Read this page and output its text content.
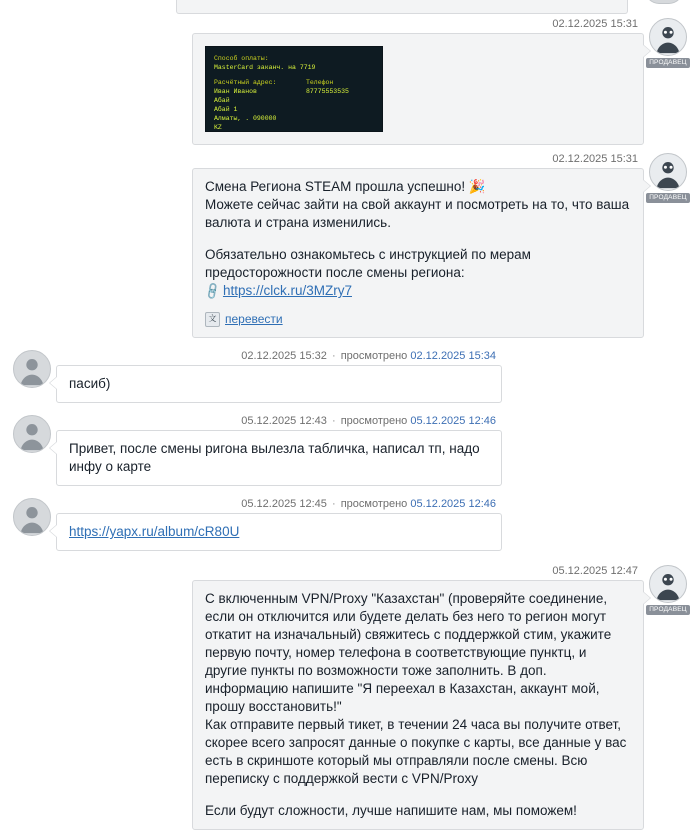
02.12.2025 15:31
Способ оплаты:
MasterCard заканч. на 7719
Расчётный адрес:	Телефон
Иван Иванов	87775553535
Абай
Абай 1
Алматы, . 090000
KZ
ПРОДАВЕЦ
02.12.2025 15:31

Смена Региона STEAM прошла успешно! 🎉

Можете сейчас зайти на свой аккаунт и посмотреть на то, что ваша валюта и страна изменились.

Обязательно ознакомьтесь с инструкцией по мерам предосторожности после смены региона:

🔗 https://clck.ru/3MZry7
文 перевести
ПРОДАВЕЦ
02.12.2025 15:32 · просмотрено 02.12.2025 15:34
пасиб)
05.12.2025 12:43 · просмотрено 05.12.2025 12:46
Привет, после смены ригона вылезла табличка, написал тп, надо инфу о карте
05.12.2025 12:45 · просмотрено 05.12.2025 12:46
https://yapx.ru/album/cR80U
05.12.2025 12:47

С включенным VPN/Proxy "Казахстан" (проверяйте соединение, если он отключится или будете делать без него то регион могут откатит на изначальный) свяжитесь с поддержкой стим, укажите первую почту, номер телефона в соответствующие пунктц, и другие пункты по возможности тоже заполнить. В доп. информацию напишите "Я переехал в Казахстан, аккаунт мой, прошу восстановить!"

Как отправите первый тикет, в течении 24 часа вы получите ответ, скорее всего запросят данные о покупке с карты, все данные у вас есть в скриншоте который мы отправляли после смены. Всю переписку с поддержкой вести с VPN/Proxy

Если будут сложности, лучше напишите нам, мы поможем!

ПРОДАВЕЦ
